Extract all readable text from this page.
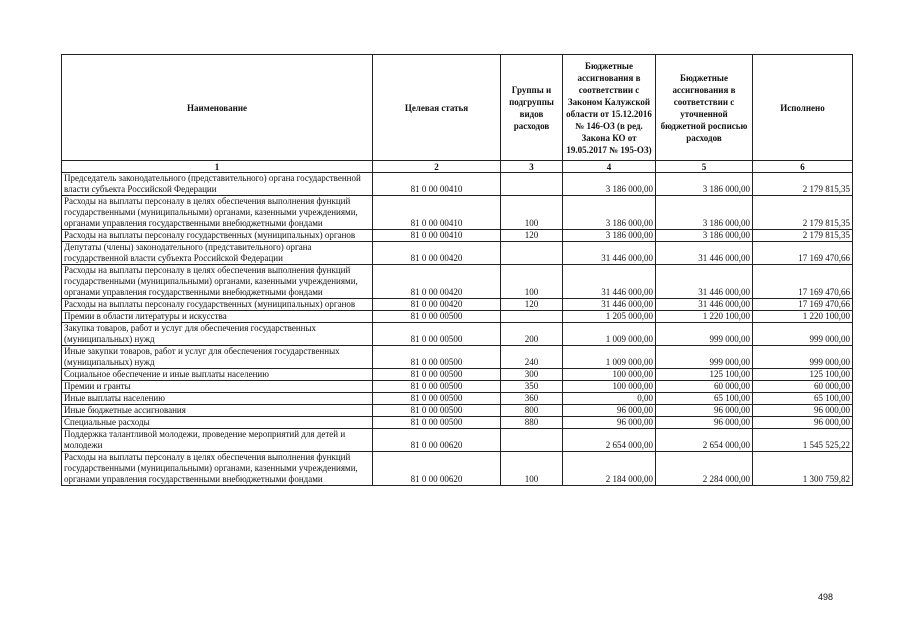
Наименование	Целевая статья	Группы и подгруппы видов расходов	Бюджетные ассигнования в соответствии с Законом Калужской области от 15.12.2016 № 146-ОЗ (в ред. Закона КО от 19.05.2017 № 195-ОЗ)	Бюджетные ассигнования в соответствии с уточненной бюджетной росписью расходов	Исполнено
1	2	3	4	5	6
Председатель законодательного (представительного) органа государственной власти субъекта Российской Федерации	81 0 00 00410		3 186 000,00	3 186 000,00	2 179 815,35
Расходы на выплаты персоналу в целях обеспечения выполнения функций государственными (муниципальными) органами, казенными учреждениями, органами управления государственными внебюджетными фондами	81 0 00 00410	100	3 186 000,00	3 186 000,00	2 179 815,35
Расходы на выплаты персоналу государственных (муниципальных) органов	81 0 00 00410	120	3 186 000,00	3 186 000,00	2 179 815,35
Депутаты (члены) законодательного (представительного) органа государственной власти субъекта Российской Федерации	81 0 00 00420		31 446 000,00	31 446 000,00	17 169 470,66
Расходы на выплаты персоналу в целях обеспечения выполнения функций государственными (муниципальными) органами, казенными учреждениями, органами управления государственными внебюджетными фондами	81 0 00 00420	100	31 446 000,00	31 446 000,00	17 169 470,66
Расходы на выплаты персоналу государственных (муниципальных) органов	81 0 00 00420	120	31 446 000,00	31 446 000,00	17 169 470,66
Премии в области литературы и искусства	81 0 00 00500		1 205 000,00	1 220 100,00	1 220 100,00
Закупка товаров, работ и услуг для обеспечения государственных (муниципальных) нужд	81 0 00 00500	200	1 009 000,00	999 000,00	999 000,00
Иные закупки товаров, работ и услуг для обеспечения государственных (муниципальных) нужд	81 0 00 00500	240	1 009 000,00	999 000,00	999 000,00
Социальное обеспечение и иные выплаты населению	81 0 00 00500	300	100 000,00	125 100,00	125 100,00
Премии и гранты	81 0 00 00500	350	100 000,00	60 000,00	60 000,00
Иные выплаты населению	81 0 00 00500	360	0,00	65 100,00	65 100,00
Иные бюджетные ассигнования	81 0 00 00500	800	96 000,00	96 000,00	96 000,00
Специальные расходы	81 0 00 00500	880	96 000,00	96 000,00	96 000,00
Поддержка талантливой молодежи, проведение мероприятий для детей и молодежи	81 0 00 00620		2 654 000,00	2 654 000,00	1 545 525,22
Расходы на выплаты персоналу в целях обеспечения выполнения функций государственными (муниципальными) органами, казенными учреждениями, органами управления государственными внебюджетными фондами	81 0 00 00620	100	2 184 000,00	2 284 000,00	1 300 759,82
498
